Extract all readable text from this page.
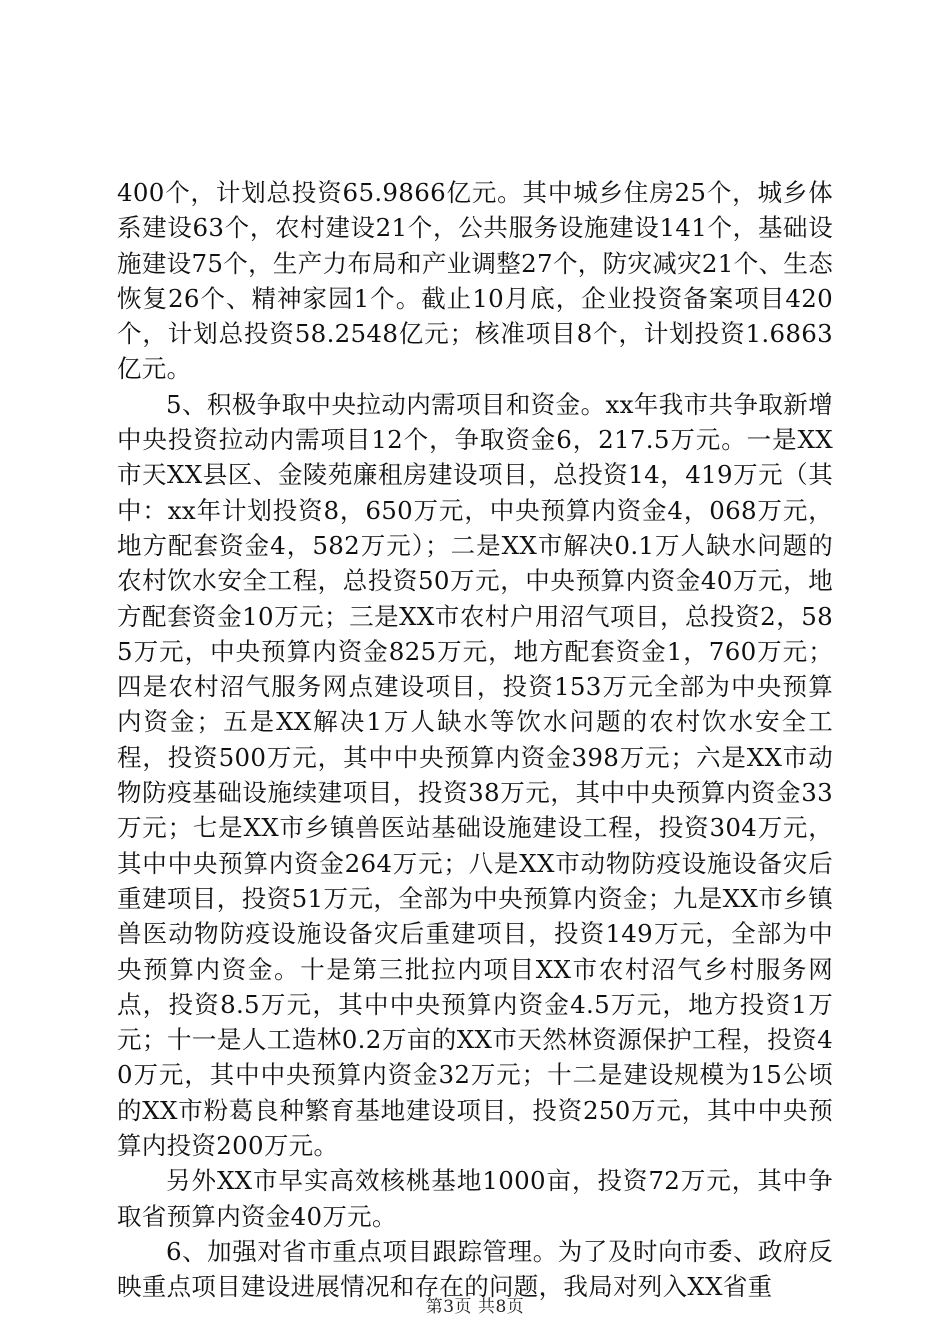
400个，计划总投资65.9866亿元。其中城乡住房25个，城乡体系建设63个，农村建设21个，公共服务设施建设141个，基础设施建设75个，生产力布局和产业调整27个，防灾减灾21个、生态恢复26个、精神家园1个。截止10月底，企业投资备案项目420个，计划总投资58.2548亿元；核准项目8个，计划投资1.6863亿元。

5、积极争取中央拉动内需项目和资金。xx年我市共争取新增中央投资拉动内需项目12个，争取资金6，217.5万元。一是XX市天XX县区、金陵苑廉租房建设项目，总投资14，419万元（其中：xx年计划投资8，650万元，中央预算内资金4，068万元，地方配套资金4，582万元）；二是XX市解决0.1万人缺水问题的农村饮水安全工程，总投资50万元，中央预算内资金40万元，地方配套资金10万元；三是XX市农村户用沼气项目，总投资2，585万元，中央预算内资金825万元，地方配套资金1，760万元；四是农村沼气服务网点建设项目，投资153万元全部为中央预算内资金；五是XX解决1万人缺水等饮水问题的农村饮水安全工程，投资500万元，其中中央预算内资金398万元；六是XX市动物防疫基础设施续建项目，投资38万元，其中中央预算内资金33万元；七是XX市乡镇兽医站基础设施建设工程，投资304万元，其中中央预算内资金264万元；八是XX市动物防疫设施设备灾后重建项目，投资51万元，全部为中央预算内资金；九是XX市乡镇兽医动物防疫设施设备灾后重建项目，投资149万元，全部为中央预算内资金。十是第三批拉内项目XX市农村沼气乡村服务网点，投资8.5万元，其中中央预算内资金4.5万元，地方投资1万元；十一是人工造林0.2万亩的XX市天然林资源保护工程，投资40万元，其中中央预算内资金32万元；十二是建设规模为15公顷的XX市粉葛良种繁育基地建设项目，投资250万元，其中中央预算内投资200万元。

另外XX市早实高效核桃基地1000亩，投资72万元，其中争取省预算内资金40万元。

6、加强对省市重点项目跟踪管理。为了及时向市委、政府反映重点项目建设进展情况和存在的问题，我局对列入XX省重

第3页 共8页
